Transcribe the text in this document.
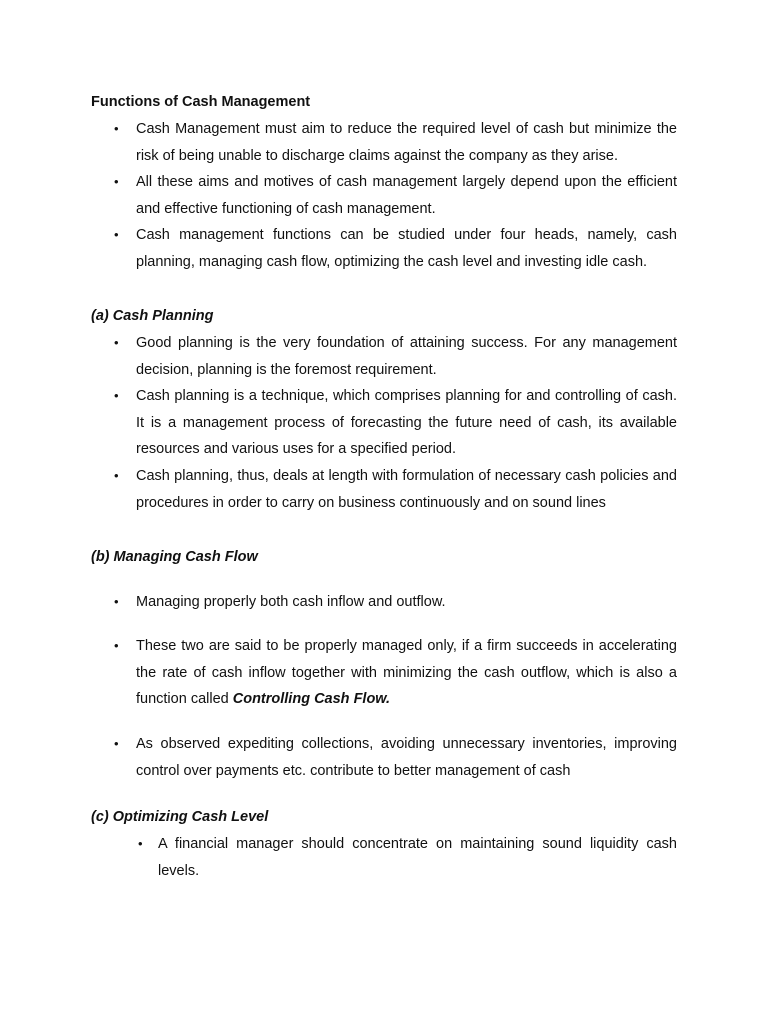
Functions of Cash Management

• Cash Management must aim to reduce the required level of cash but minimize the risk of being unable to discharge claims against the company as they arise.

• All these aims and motives of cash management largely depend upon the efficient and effective functioning of cash management.

• Cash management functions can be studied under four heads, namely, cash planning, managing cash flow, optimizing the cash level and investing idle cash.

(a) Cash Planning

• Good planning is the very foundation of attaining success. For any management decision, planning is the foremost requirement.

• Cash planning is a technique, which comprises planning for and controlling of cash. It is a management process of forecasting the future need of cash, its available resources and various uses for a specified period.

• Cash planning, thus, deals at length with formulation of necessary cash policies and procedures in order to carry on business continuously and on sound lines

(b) Managing Cash Flow

• Managing properly both cash inflow and outflow.

• These two are said to be properly managed only, if a firm succeeds in accelerating the rate of cash inflow together with minimizing the cash outflow, which is also a function called Controlling Cash Flow.

• As observed expediting collections, avoiding unnecessary inventories, improving control over payments etc. contribute to better management of cash

(c) Optimizing Cash Level

• A financial manager should concentrate on maintaining sound liquidity cash levels.
